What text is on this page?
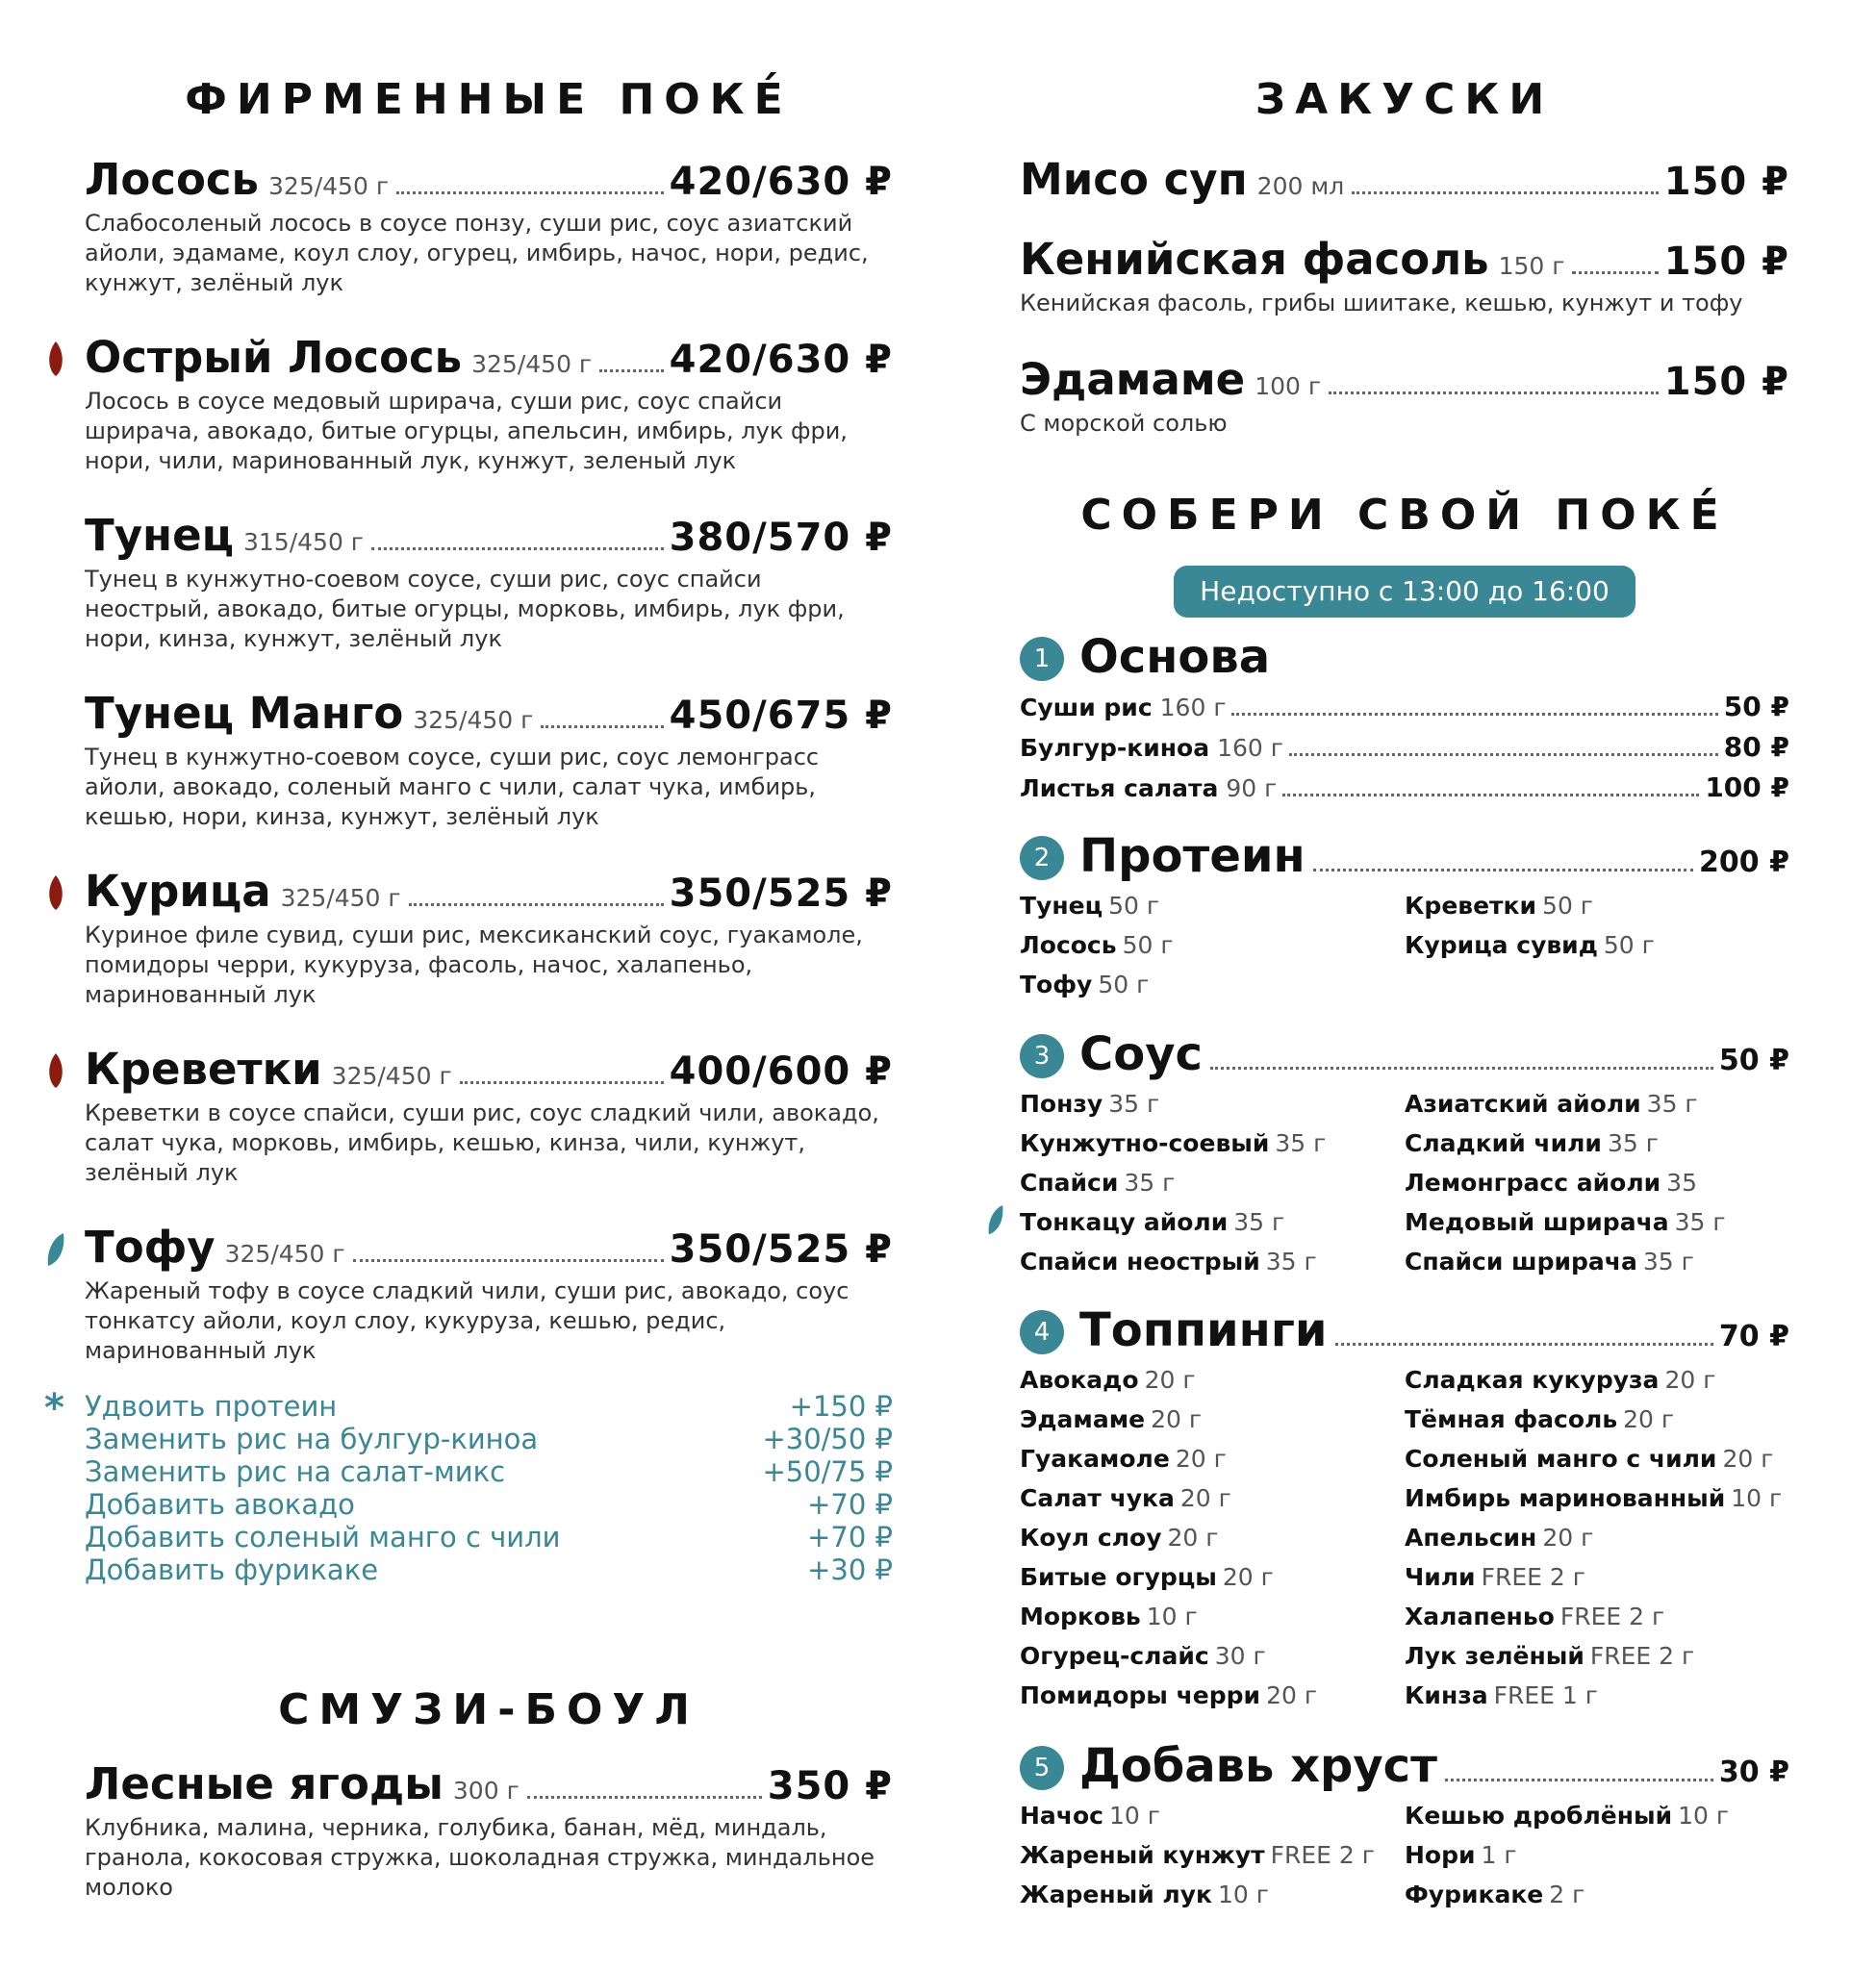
ФИРМЕННЫЕ ПОКЕ́
Лосось 325/450 г	420/630 ₽
Слабосоленый лосось в соусе понзу, суши рис, соус азиатский айоли, эдамаме, коул слоу, огурец, имбирь, начос, нори, редис, кунжут, зелёный лук
Острый Лосось 325/450 г 420/630 ₽
Лосось в соусе медовый шрирача, суши рис, соус спайси шрирача, авокадо, битые огурцы, апельсин, имбирь, лук фри, нори, чили, маринованный лук, кунжут, зеленый лук
Тунец 315/450 г	380/570 ₽
Тунец в кунжутно-соевом соусе, суши рис, соус спайси неострый, авокадо, битые огурцы, морковь, имбирь, лук фри, нори, кинза, кунжут, зелёный лук
Тунец Манго 325/450 г	450/675 ₽
Тунец в кунжутно-соевом соусе, суши рис, соус лемонграсс айоли, авокадо, соленый манго с чили, салат чука, имбирь, кешью, нори, кинза, кунжут, зелёный лук
Курица 325/450 г	350/525 ₽
Куриное филе сувид, суши рис, мексиканский соус, гуакамоле, помидоры черри, кукуруза, фасоль, начос, халапеньо, маринованный лук
Креветки 325/450 г	400/600 ₽
Креветки в соусе спайси, суши рис, соус сладкий чили, авокадо, салат чука, морковь, имбирь, кешью, кинза, чили, кунжут, зелёный лук
Тофу 325/450 г	350/525 ₽
Жареный тофу в соусе сладкий чили, суши рис, авокадо, соус тонкатсу айоли, коул слоу, кукуруза, кешью, редис, маринованный лук
* Удвоить протеин	+150 ₽
Заменить рис на булгур-киноа	+30/50 ₽
Заменить рис на салат-микс	+50/75 ₽
Добавить авокадо	+70 ₽
Добавить соленый манго с чили	+70 ₽
Добавить фурикаке	+30 ₽
СМУЗИ-БОУЛ
Лесные ягоды 300 г	350 ₽
Клубника, малина, черника, голубика, банан, мёд, миндаль, гранола, кокосовая стружка, шоколадная стружка, миндальное молоко
ЗАКУСКИ
Мисо суп 200 мл	150 ₽
Кенийская фасоль 150 г	150 ₽
Кенийская фасоль, грибы шиитаке, кешью, кунжут и тофу
Эдамаме 100 г	150 ₽
С морской солью
СОБЕРИ СВОЙ ПОКЕ́
Недоступно с 13:00 до 16:00
1 Основа
Суши рис 160 г	50 ₽
Булгур-киноа 160 г	80 ₽
Листья салата 90 г	100 ₽
2 Протеин	200 ₽
Тунец 50 г	Креветки 50 г
Лосось 50 г	Курица сувид 50 г
Тофу 50 г
3 Соус	50 ₽
Понзу 35 г	Азиатский айоли 35 г
Кунжутно-соевый 35 г	Сладкий чили 35 г
Спайси 35 г	Лемонграсс айоли 35
Тонкацу айоли 35 г	Медовый шрирача 35 г
Спайси неострый 35 г	Спайси шрирача 35 г
4 Топпинги	70 ₽
Авокадо 20 г	Сладкая кукуруза 20 г
Эдамаме 20 г	Тёмная фасоль 20 г
Гуакамоле 20 г	Соленый манго с чили 20 г
Салат чука 20 г	Имбирь маринованный 10 г
Коул слоу 20 г	Апельсин 20 г
Битые огурцы 20 г	Чили FREE 2 г
Морковь 10 г	Халапеньо FREE 2 г
Огурец-слайс 30 г	Лук зелёный FREE 2 г
Помидоры черри 20 г	Кинза FREE 1 г
5 Добавь хруст	30 ₽
Начос 10 г	Кешью дроблёный 10 г
Жареный кунжут FREE 2 г	Нори 1 г
Жареный лук 10 г	Фурикаке 2 г
